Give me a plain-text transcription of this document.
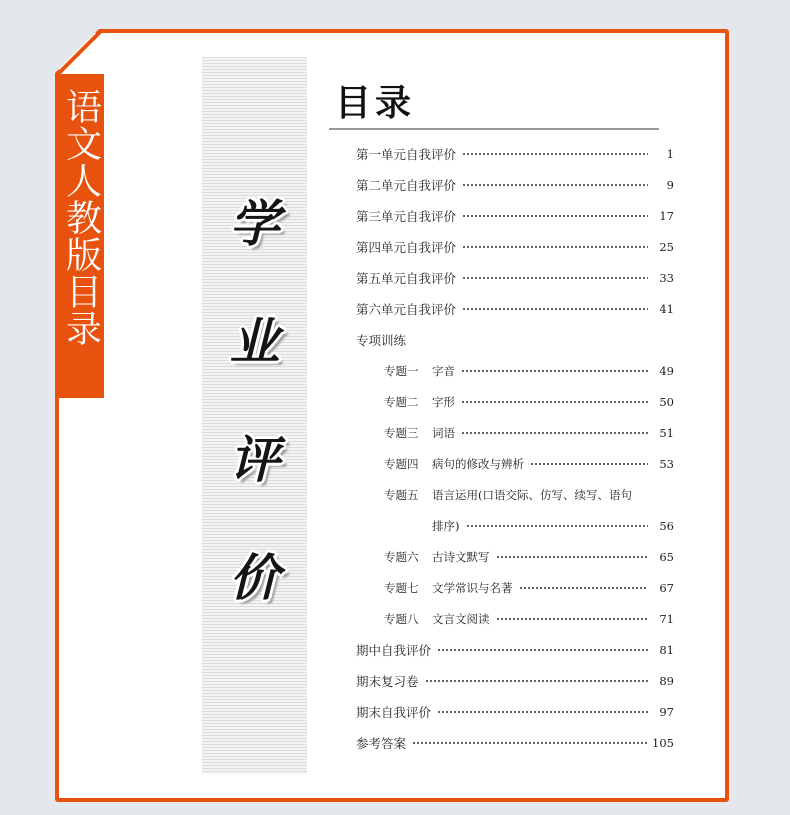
语文人教版目录	学
业
评
价
目录
第一单元自我评价	1
第二单元自我评价	9
第三单元自我评价	17
第四单元自我评价	25
第五单元自我评价	33
第六单元自我评价	41
专项训练
专题一	字音	49
专题二	字形	50
专题三	词语	51
专题四	病句的修改与辨析	53
专题五	语言运用(口语交际、仿写、续写、语句
排序)	56
专题六	古诗文默写	65
专题七	文学常识与名著	67
专题八	文言文阅读	71
期中自我评价	81
期末复习卷	89
期末自我评价	97
参考答案	105
